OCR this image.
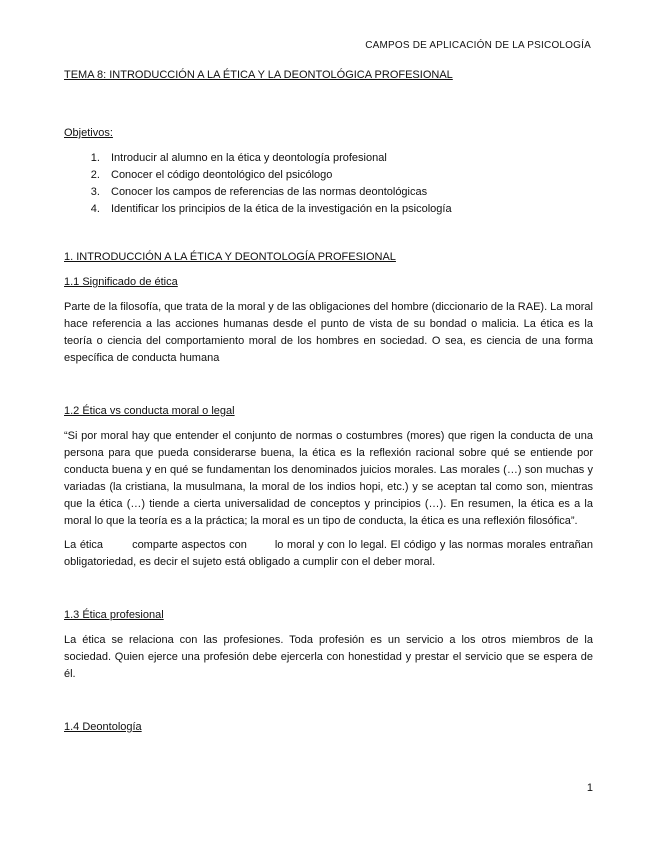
CAMPOS DE APLICACIÓN DE LA PSICOLOGÍA

TEMA 8: INTRODUCCIÓN A LA ÉTICA Y LA DEONTOLÓGICA PROFESIONAL

Objetivos:

1. Introducir al alumno en la ética y deontología profesional
2. Conocer el código deontológico del psicólogo
3. Conocer los campos de referencias de las normas deontológicas
4. Identificar los principios de la ética de la investigación en la psicología

1. INTRODUCCIÓN A LA ÉTICA Y DEONTOLOGÍA PROFESIONAL

1.1 Significado de ética

Parte de la filosofía, que trata de la moral y de las obligaciones del hombre (diccionario de la RAE). La moral hace referencia a las acciones humanas desde el punto de vista de su bondad o malicia. La ética es la teoría o ciencia del comportamiento moral de los hombres en sociedad. O sea, es ciencia de una forma específica de conducta humana

1.2 Ética vs conducta moral o legal

“Si por moral hay que entender el conjunto de normas o costumbres (mores) que rigen la conducta de una persona para que pueda considerarse buena, la ética es la reflexión racional sobre qué se entiende por conducta buena y en qué se fundamentan los denominados juicios morales. Las morales (…) son muchas y variadas (la cristiana, la musulmana, la moral de los indios hopi, etc.) y se aceptan tal como son, mientras que la ética (…) tiende a cierta universalidad de conceptos y principios (…). En resumen, la ética es a la moral lo que la teoría es a la práctica; la moral es un tipo de conducta, la ética es una reflexión filosófica”.

La ética	comparte aspectos con	lo moral y con lo legal. El código y las normas morales entrañan obligatoriedad, es decir el sujeto está obligado a cumplir con el deber moral.

1.3 Ética profesional

La ética se relaciona con las profesiones. Toda profesión es un servicio a los otros miembros de la sociedad. Quien ejerce una profesión debe ejercerla con honestidad y prestar el servicio que se espera de él.

1.4 Deontología

1
